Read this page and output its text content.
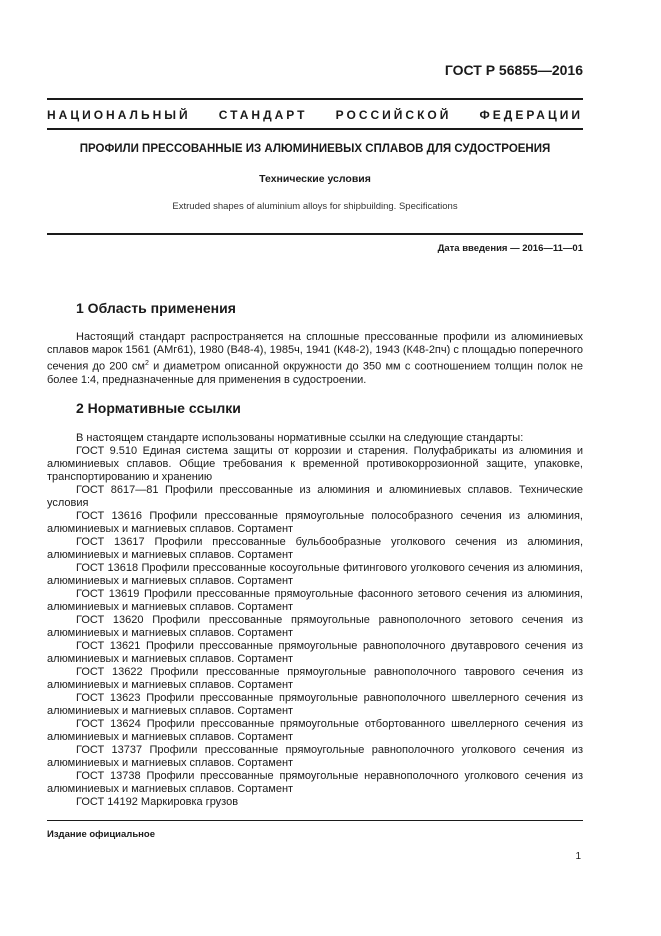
ГОСТ Р 56855—2016
НАЦИОНАЛЬНЫЙ СТАНДАРТ РОССИЙСКОЙ ФЕДЕРАЦИИ
ПРОФИЛИ ПРЕССОВАННЫЕ ИЗ АЛЮМИНИЕВЫХ СПЛАВОВ ДЛЯ СУДОСТРОЕНИЯ
Технические условия
Extruded shapes of aluminium alloys for shipbuilding. Specifications
Дата введения — 2016—11—01
1 Область применения

Настоящий стандарт распространяется на сплошные прессованные профили из алюминиевых сплавов марок 1561 (АМг61), 1980 (В48-4), 1985ч, 1941 (К48-2), 1943 (К48-2пч) с площадью поперечного сечения до 200 $см^2$ и диаметром описанной окружности до 350 мм с соотношением толщин полок не более 1:4, предназначенные для применения в судостроении.

2 Нормативные ссылки

В настоящем стандарте использованы нормативные ссылки на следующие стандарты:

ГОСТ 9.510 Единая система защиты от коррозии и старения. Полуфабрикаты из алюминия и алюминиевых сплавов. Общие требования к временной противокоррозионной защите, упаковке, транспортированию и хранению

ГОСТ 8617—81 Профили прессованные из алюминия и алюминиевых сплавов. Технические условия

ГОСТ 13616 Профили прессованные прямоугольные полособразного сечения из алюминия, алюминиевых и магниевых сплавов. Сортамент

ГОСТ 13617 Профили прессованные бульбообразные уголкового сечения из алюминия, алюминиевых и магниевых сплавов. Сортамент

ГОСТ 13618 Профили прессованные косоугольные фитингового уголкового сечения из алюминия, алюминиевых и магниевых сплавов. Сортамент

ГОСТ 13619 Профили прессованные прямоугольные фасонного зетового сечения из алюминия, алюминиевых и магниевых сплавов. Сортамент

ГОСТ 13620 Профили прессованные прямоугольные равнополочного зетового сечения из алюминиевых и магниевых сплавов. Сортамент

ГОСТ 13621 Профили прессованные прямоугольные равнополочного двутаврового сечения из алюминиевых и магниевых сплавов. Сортамент

ГОСТ 13622 Профили прессованные прямоугольные равнополочного таврового сечения из алюминиевых и магниевых сплавов. Сортамент

ГОСТ 13623 Профили прессованные прямоугольные равнополочного швеллерного сечения из алюминиевых и магниевых сплавов. Сортамент

ГОСТ 13624 Профили прессованные прямоугольные отбортованного швеллерного сечения из алюминиевых и магниевых сплавов. Сортамент

ГОСТ 13737 Профили прессованные прямоугольные равнополочного уголкового сечения из алюминиевых и магниевых сплавов. Сортамент

ГОСТ 13738 Профили прессованные прямоугольные неравнополочного уголкового сечения из алюминиевых и магниевых сплавов. Сортамент

ГОСТ 14192 Маркировка грузов

Издание официальное
1
